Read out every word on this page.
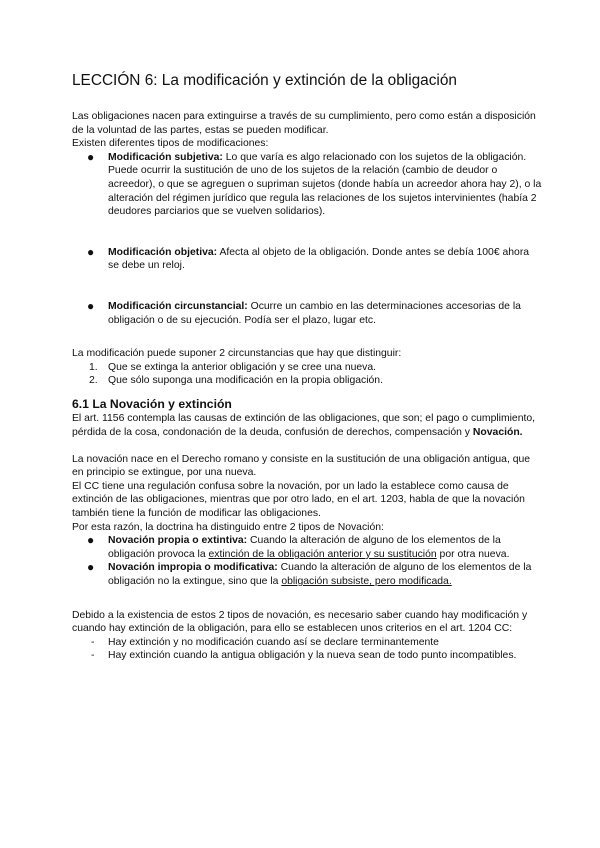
LECCIÓN 6: La modificación y extinción de la obligación

Las obligaciones nacen para extinguirse a través de su cumplimiento, pero como están a disposición de la voluntad de las partes, estas se pueden modificar.

Existen diferentes tipos de modificaciones:

● Modificación subjetiva: Lo que varía es algo relacionado con los sujetos de la obligación. Puede ocurrir la sustitución de uno de los sujetos de la relación (cambio de deudor o acreedor), o que se agreguen o supriman sujetos (donde había un acreedor ahora hay 2), o la alteración del régimen jurídico que regula las relaciones de los sujetos intervinientes (había 2 deudores parciarios que se vuelven solidarios).
● Modificación objetiva: Afecta al objeto de la obligación. Donde antes se debía 100€ ahora se debe un reloj.
● Modificación circunstancial: Ocurre un cambio en las determinaciones accesorias de la obligación o de su ejecución. Podía ser el plazo, lugar etc.

La modificación puede suponer 2 circunstancias que hay que distinguir:

1. Que se extinga la anterior obligación y se cree una nueva.
2. Que sólo suponga una modificación en la propia obligación.
6.1 La Novación y extinción

El art. 1156 contempla las causas de extinción de las obligaciones, que son; el pago o cumplimiento, pérdida de la cosa, condonación de la deuda, confusión de derechos, compensación y Novación.

La novación nace en el Derecho romano y consiste en la sustitución de una obligación antigua, que en principio se extingue, por una nueva.

El CC tiene una regulación confusa sobre la novación, por un lado la establece como causa de extinción de las obligaciones, mientras que por otro lado, en el art. 1203, habla de que la novación también tiene la función de modificar las obligaciones.

Por esta razón, la doctrina ha distinguido entre 2 tipos de Novación:

● Novación propia o extintiva: Cuando la alteración de alguno de los elementos de la obligación provoca la extinción de la obligación anterior y su sustitución por otra nueva.
● Novación impropia o modificativa: Cuando la alteración de alguno de los elementos de la obligación no la extingue, sino que la obligación subsiste, pero modificada.

Debido a la existencia de estos 2 tipos de novación, es necesario saber cuando hay modificación y cuando hay extinción de la obligación, para ello se establecen unos criterios en el art. 1204 CC:

- Hay extinción y no modificación cuando así se declare terminantemente
- Hay extinción cuando la antigua obligación y la nueva sean de todo punto incompatibles.
